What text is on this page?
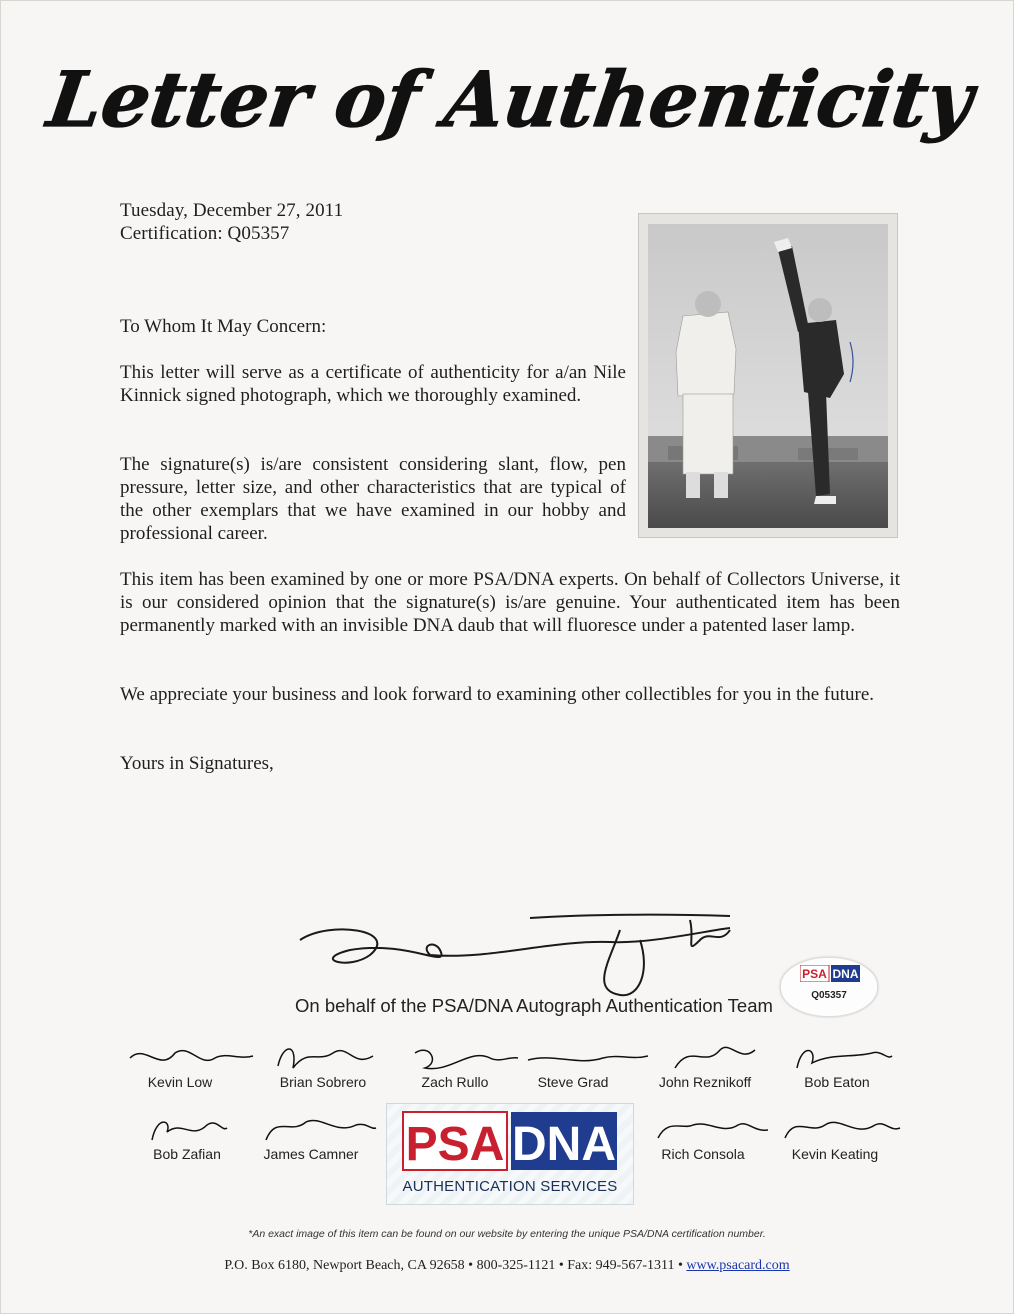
Letter of Authenticity
Tuesday, December 27, 2011
Certification: Q05357
To Whom It May Concern:
This letter will serve as a certificate of authenticity for a/an Nile Kinnick signed photograph, which we thoroughly examined.
The signature(s) is/are consistent considering slant, flow, pen pressure, letter size, and other characteristics that are typical of the other exemplars that we have examined in our hobby and professional career.
This item has been examined by one or more PSA/DNA experts. On behalf of Collectors Universe, it is our considered opinion that the signature(s) is/are genuine. Your authenticated item has been permanently marked with an invisible DNA daub that will fluoresce under a patented laser lamp.
We appreciate your business and look forward to examining other collectibles for you in the future.
Yours in Signatures,
On behalf of the PSA/DNA Autograph Authentication Team
PSA DNA
Q05357
Kevin Low	Brian Sobrero	Zach Rullo	Steve Grad	John Reznikoff	Bob Eaton
Bob Zafian	James Camner	Rich Consola	Kevin Keating
PSA DNA
AUTHENTICATION SERVICES
*An exact image of this item can be found on our website by entering the unique PSA/DNA certification number.
P.O. Box 6180, Newport Beach, CA 92658 • 800-325-1121 • Fax: 949-567-1311 • www.psacard.com
